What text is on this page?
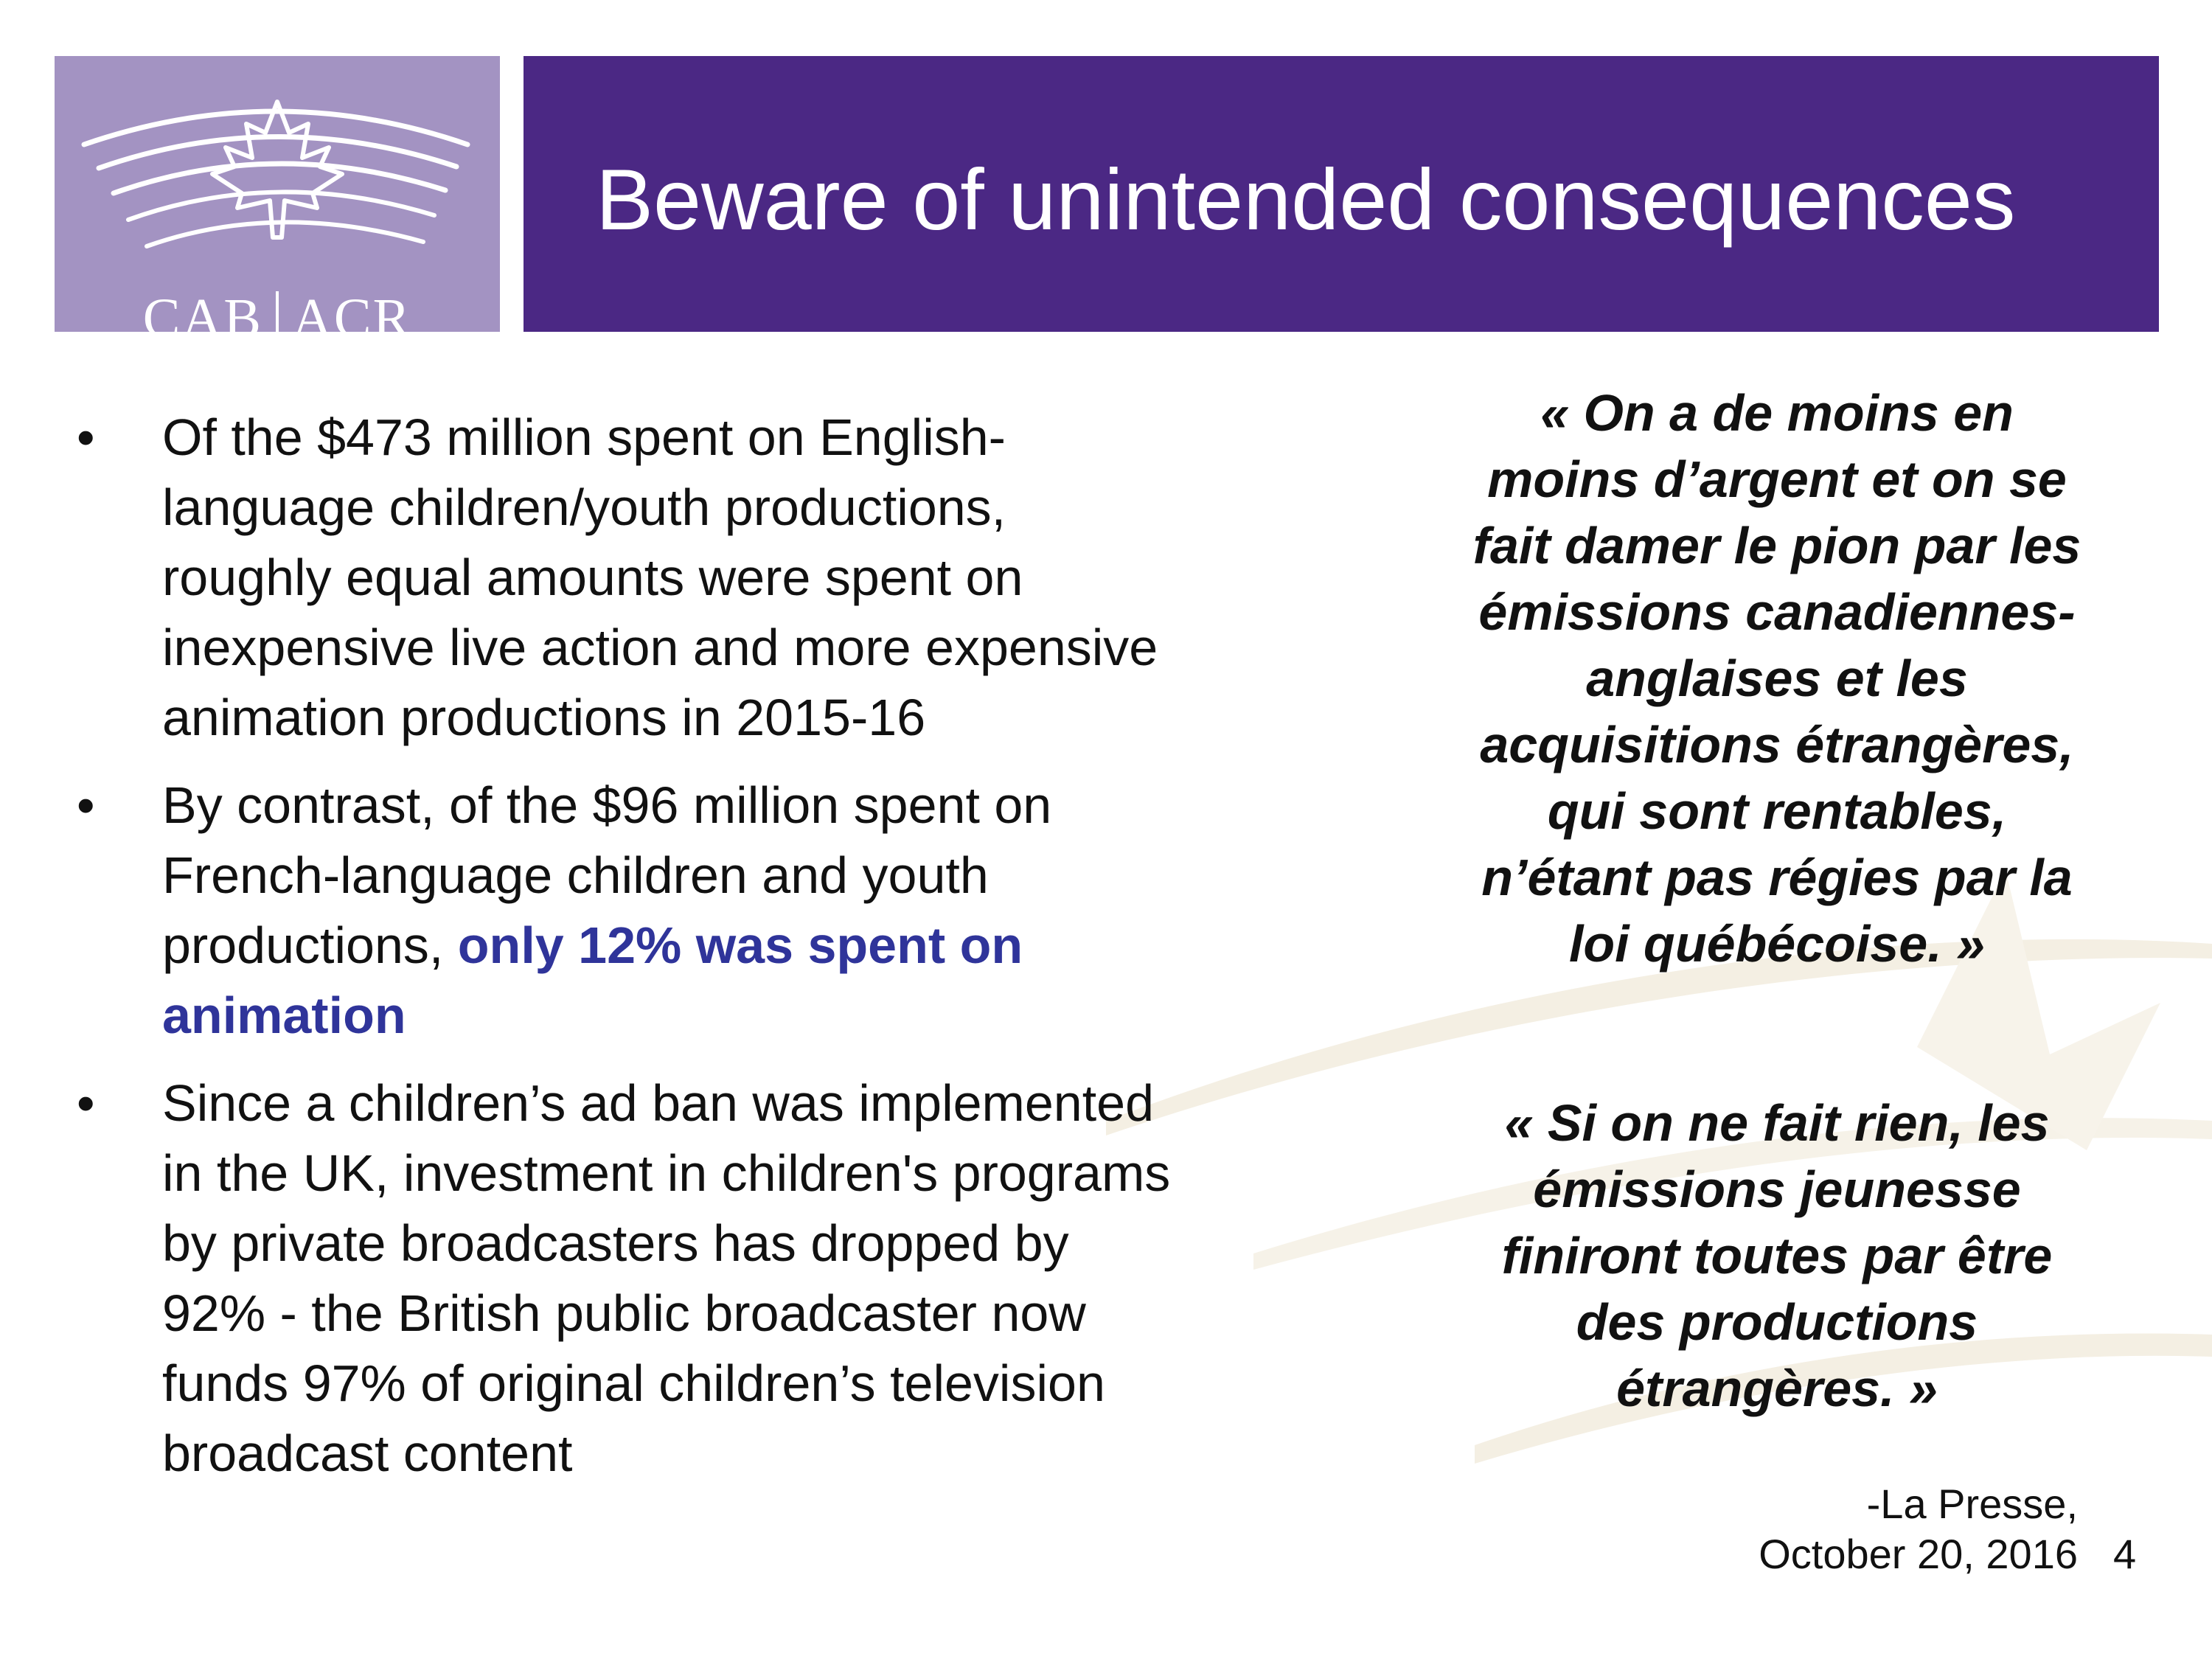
CAB ACR
Beware of unintended consequences
•	Of the $473 million spent on English-
language children/youth productions,
roughly equal amounts were spent on
inexpensive live action and more expensive
animation productions in 2015-16
•	By contrast, of the $96 million spent on
French-language children and youth
productions, only 12% was spent on
animation
•	Since a children’s ad ban was implemented
in the UK, investment in children's programs
by private broadcasters has dropped by
92% - the British public broadcaster now
funds 97% of original children’s television
broadcast content
« On a de moins en
moins d’argent et on se
fait damer le pion par les
émissions canadiennes-
anglaises et les
acquisitions étrangères,
qui sont rentables,
n’étant pas régies par la
loi québécoise. »
« Si on ne fait rien, les
émissions jeunesse
finiront toutes par être
des productions
étrangères. »
-La Presse,
October 20, 2016 4
